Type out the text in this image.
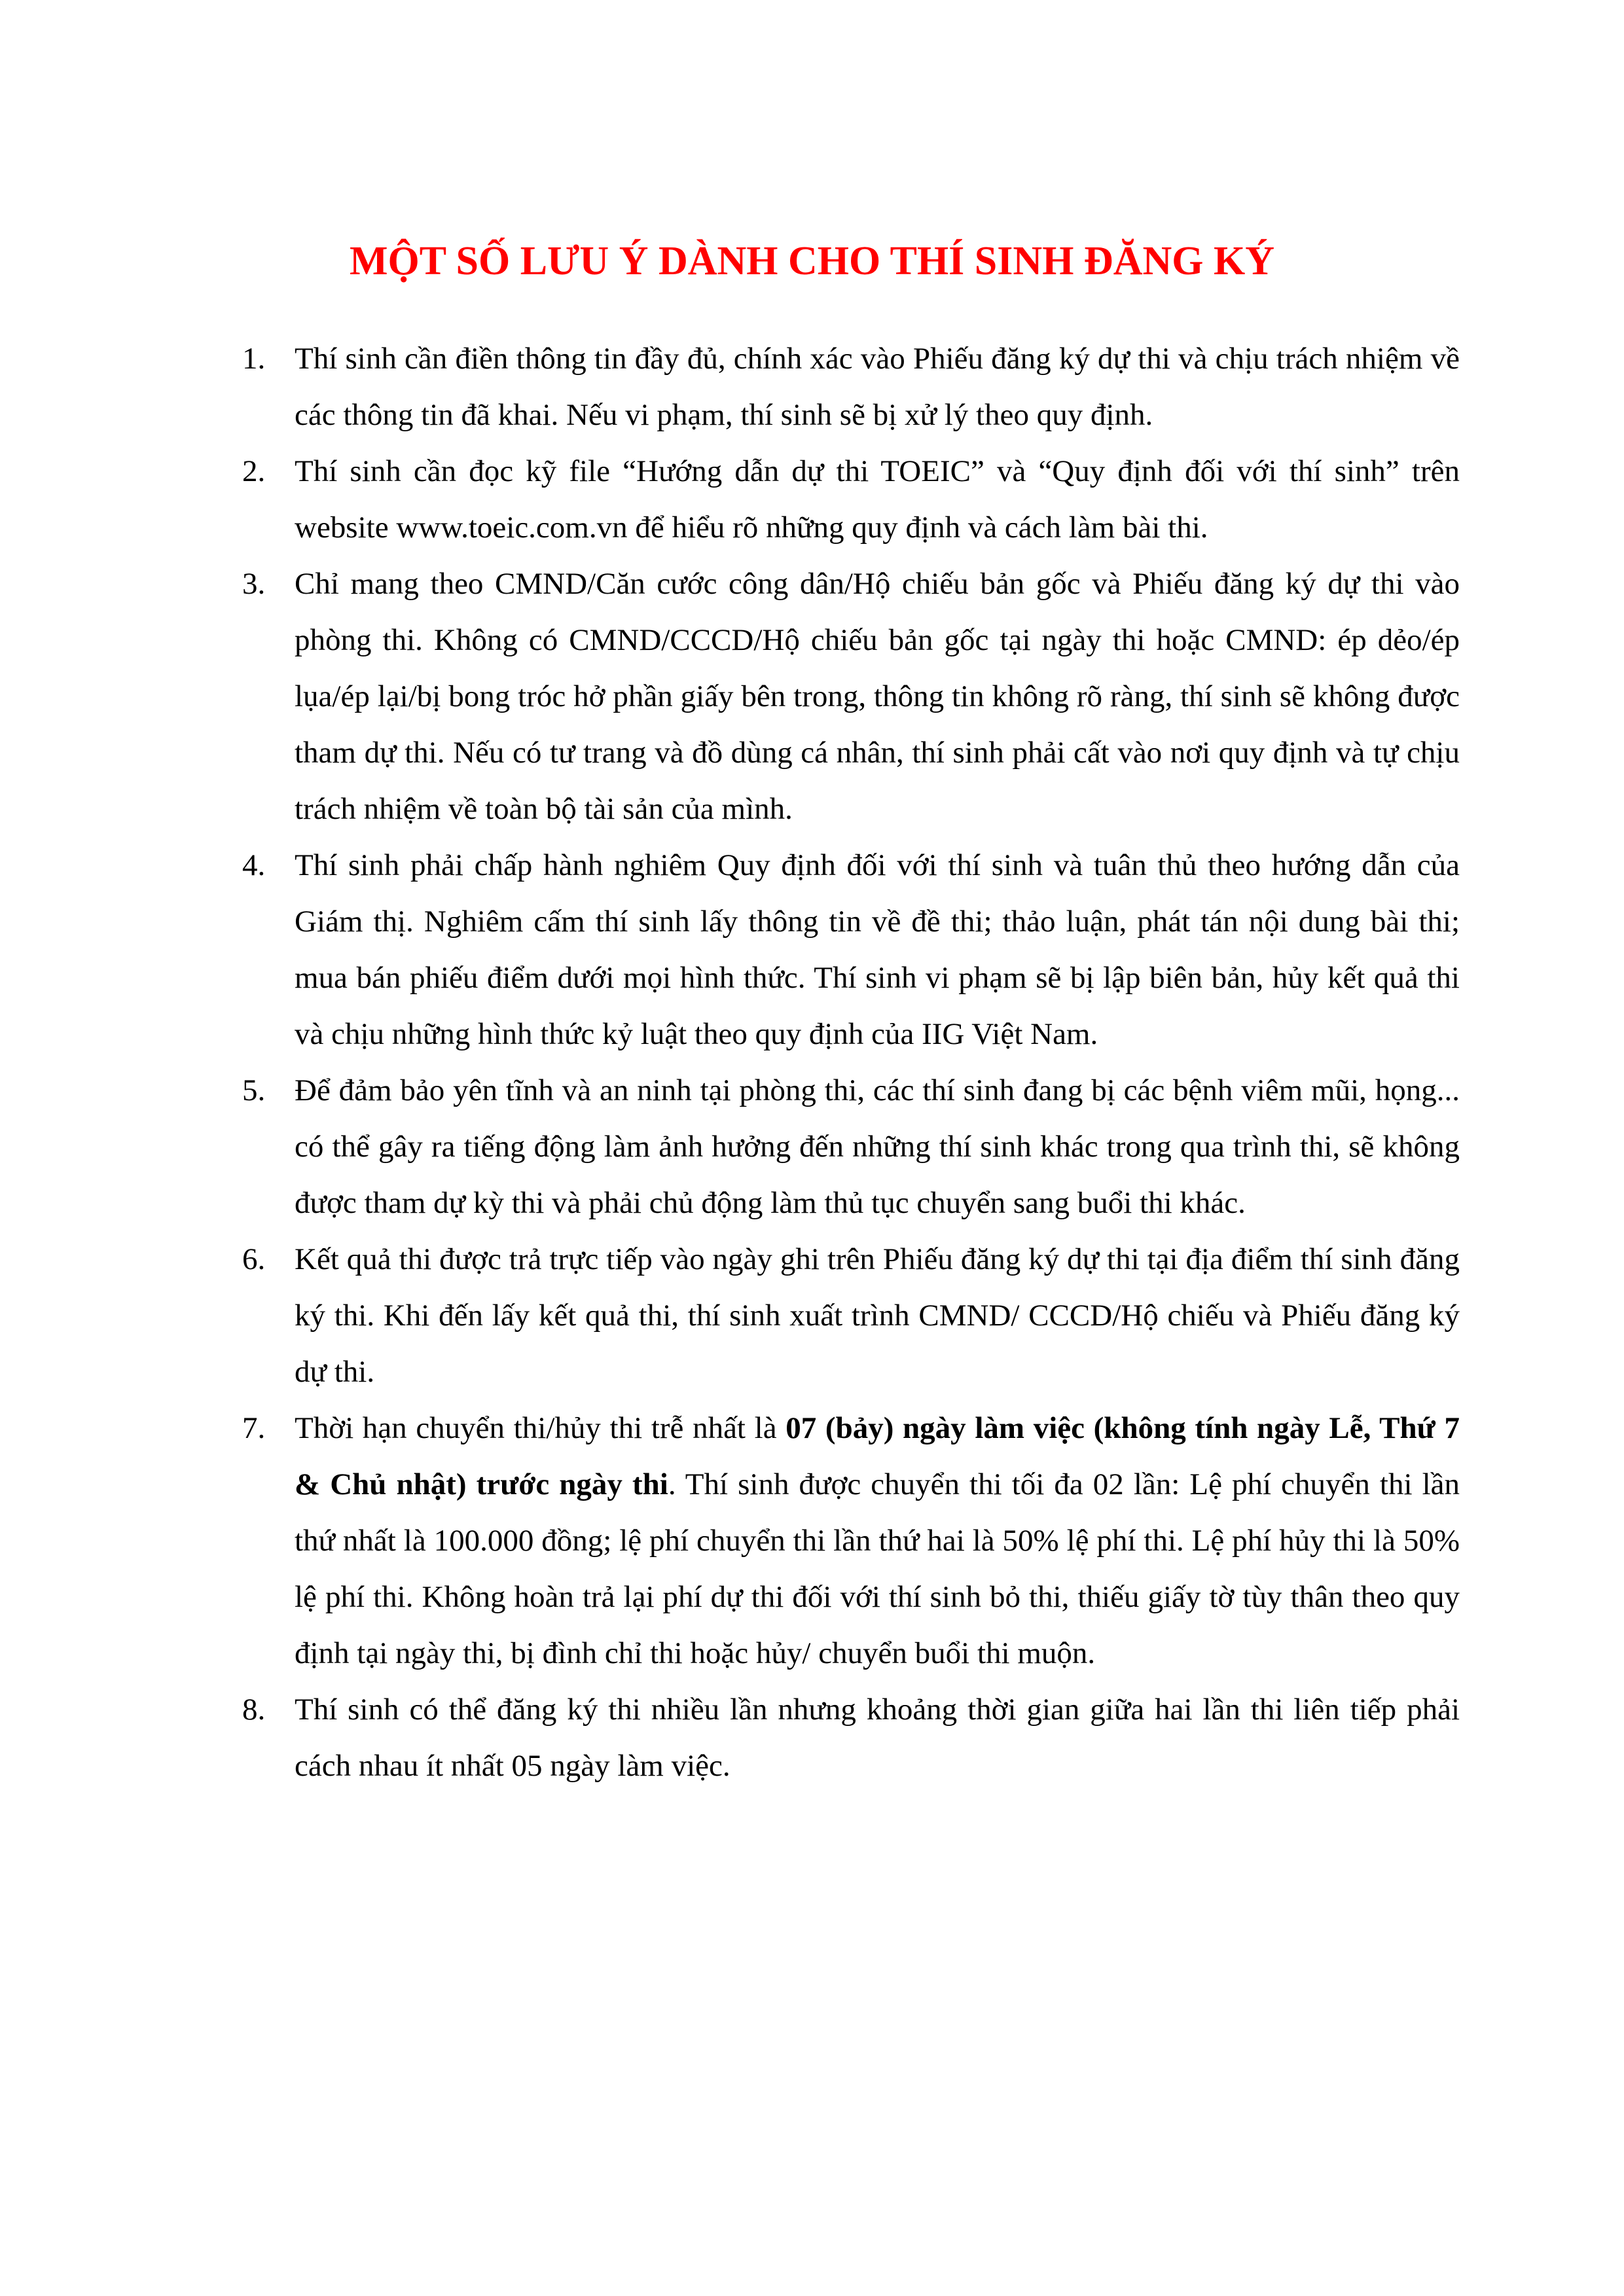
MỘT SỐ LƯU Ý DÀNH CHO THÍ SINH ĐĂNG KÝ
1. Thí sinh cần điền thông tin đầy đủ, chính xác vào Phiếu đăng ký dự thi và chịu trách nhiệm về các thông tin đã khai. Nếu vi phạm, thí sinh sẽ bị xử lý theo quy định.
2. Thí sinh cần đọc kỹ file “Hướng dẫn dự thi TOEIC” và “Quy định đối với thí sinh” trên website www.toeic.com.vn để hiểu rõ những quy định và cách làm bài thi.
3. Chỉ mang theo CMND/Căn cước công dân/Hộ chiếu bản gốc và Phiếu đăng ký dự thi vào phòng thi. Không có CMND/CCCD/Hộ chiếu bản gốc tại ngày thi hoặc CMND: ép dẻo/ép lụa/ép lại/bị bong tróc hở phần giấy bên trong, thông tin không rõ ràng, thí sinh sẽ không được tham dự thi. Nếu có tư trang và đồ dùng cá nhân, thí sinh phải cất vào nơi quy định và tự chịu trách nhiệm về toàn bộ tài sản của mình.
4. Thí sinh phải chấp hành nghiêm Quy định đối với thí sinh và tuân thủ theo hướng dẫn của Giám thị. Nghiêm cấm thí sinh lấy thông tin về đề thi; thảo luận, phát tán nội dung bài thi; mua bán phiếu điểm dưới mọi hình thức. Thí sinh vi phạm sẽ bị lập biên bản, hủy kết quả thi và chịu những hình thức kỷ luật theo quy định của IIG Việt Nam.
5. Để đảm bảo yên tĩnh và an ninh tại phòng thi, các thí sinh đang bị các bệnh viêm mũi, họng... có thể gây ra tiếng động làm ảnh hưởng đến những thí sinh khác trong qua trình thi, sẽ không được tham dự kỳ thi và phải chủ động làm thủ tục chuyển sang buổi thi khác.
6. Kết quả thi được trả trực tiếp vào ngày ghi trên Phiếu đăng ký dự thi tại địa điểm thí sinh đăng ký thi. Khi đến lấy kết quả thi, thí sinh xuất trình CMND/ CCCD/Hộ chiếu và Phiếu đăng ký dự thi.
7. Thời hạn chuyển thi/hủy thi trễ nhất là 07 (bảy) ngày làm việc (không tính ngày Lễ, Thứ 7 & Chủ nhật) trước ngày thi. Thí sinh được chuyển thi tối đa 02 lần: Lệ phí chuyển thi lần thứ nhất là 100.000 đồng; lệ phí chuyển thi lần thứ hai là 50% lệ phí thi. Lệ phí hủy thi là 50% lệ phí thi. Không hoàn trả lại phí dự thi đối với thí sinh bỏ thi, thiếu giấy tờ tùy thân theo quy định tại ngày thi, bị đình chỉ thi hoặc hủy/ chuyển buổi thi muộn.
8. Thí sinh có thể đăng ký thi nhiều lần nhưng khoảng thời gian giữa hai lần thi liên tiếp phải cách nhau ít nhất 05 ngày làm việc.
